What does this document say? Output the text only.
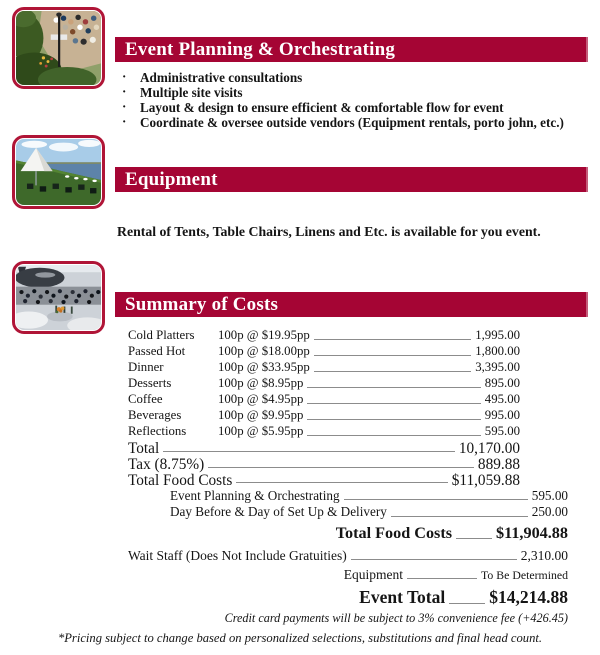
Event Planning & Orchestrating
· Administrative consultations
· Multiple site visits
· Layout & design to ensure efficient & comfortable flow for event
· Coordinate & oversee outside vendors (Equipment rentals, porto john, etc.)
Equipment
Rental of Tents, Table Chairs, Linens and Etc. is available for you event.
Summary of Costs
Cold Platters	100p @ $19.95pp	1,995.00
Passed Hot	100p @ $18.00pp	1,800.00
Dinner	100p @ $33.95pp	3,395.00
Desserts	100p @ $8.95pp	895.00
Coffee	100p @ $4.95pp	495.00
Beverages	100p @ $9.95pp	995.00
Reflections	100p @ $5.95pp	595.00
Total	10,170.00
Tax (8.75%)	889.88
Total Food Costs	$11,059.88
Event Planning & Orchestrating	595.00
Day Before & Day of Set Up & Delivery	250.00
Total Food Costs	$11,904.88
Wait Staff (Does Not Include Gratuities)	2,310.00
Equipment	To Be Determined
Event Total	$14,214.88
Credit card payments will be subject to 3% convenience fee (+426.45)
*Pricing subject to change based on personalized selections, substitutions and final head count.
